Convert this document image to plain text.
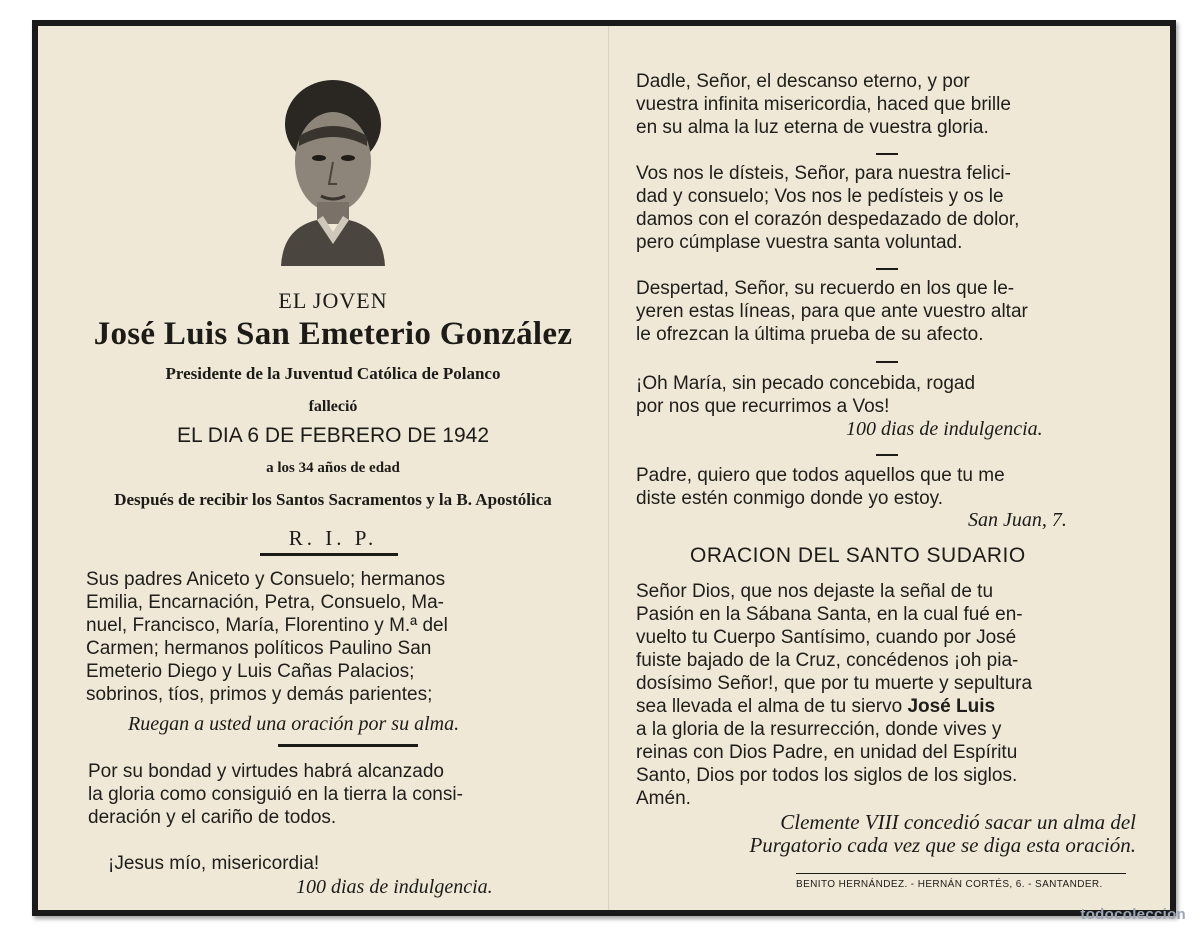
EL JOVEN
José Luis San Emeterio González
Presidente de la Juventud Católica de Polanco
falleció
EL DIA 6 DE FEBRERO DE 1942
a los 34 años de edad
Después de recibir los Santos Sacramentos y la B. Apostólica
R. I. P.
Sus padres Aniceto y Consuelo; hermanos
Emilia, Encarnación, Petra, Consuelo, Ma-
nuel, Francisco, María, Florentino y M.ª del
Carmen; hermanos políticos Paulino San
Emeterio Diego y Luis Cañas Palacios;
sobrinos, tíos, primos y demás parientes;
Ruegan a usted una oración por su alma.
Por su bondad y virtudes habrá alcanzado
la gloria como consiguió en la tierra la consi-
deración y el cariño de todos.
¡Jesus mío, misericordia!
100 dias de indulgencia.
Dadle, Señor, el descanso eterno, y por
vuestra infinita misericordia, haced que brille
en su alma la luz eterna de vuestra gloria.
Vos nos le dísteis, Señor, para nuestra felici-
dad y consuelo; Vos nos le pedísteis y os le
damos con el corazón despedazado de dolor,
pero cúmplase vuestra santa voluntad.
Despertad, Señor, su recuerdo en los que le-
yeren estas líneas, para que ante vuestro altar
le ofrezcan la última prueba de su afecto.
¡Oh María, sin pecado concebida, rogad
por nos que recurrimos a Vos!
100 dias de indulgencia.
Padre, quiero que todos aquellos que tu me
diste estén conmigo donde yo estoy.
San Juan, 7.
ORACION DEL SANTO SUDARIO
Señor Dios, que nos dejaste la señal de tu
Pasión en la Sábana Santa, en la cual fué en-
vuelto tu Cuerpo Santísimo, cuando por José
fuiste bajado de la Cruz, concédenos ¡oh pia-
dosísimo Señor!, que por tu muerte y sepultura
sea llevada el alma de tu siervo José Luis
a la gloria de la resurrección, donde vives y
reinas con Dios Padre, en unidad del Espíritu
Santo, Dios por todos los siglos de los siglos.
Amén.
Clemente VIII concedió sacar un alma del
Purgatorio cada vez que se diga esta oración.
BENITO HERNÁNDEZ. - HERNÁN CORTÉS, 6. - SANTANDER.
todocoleccion
